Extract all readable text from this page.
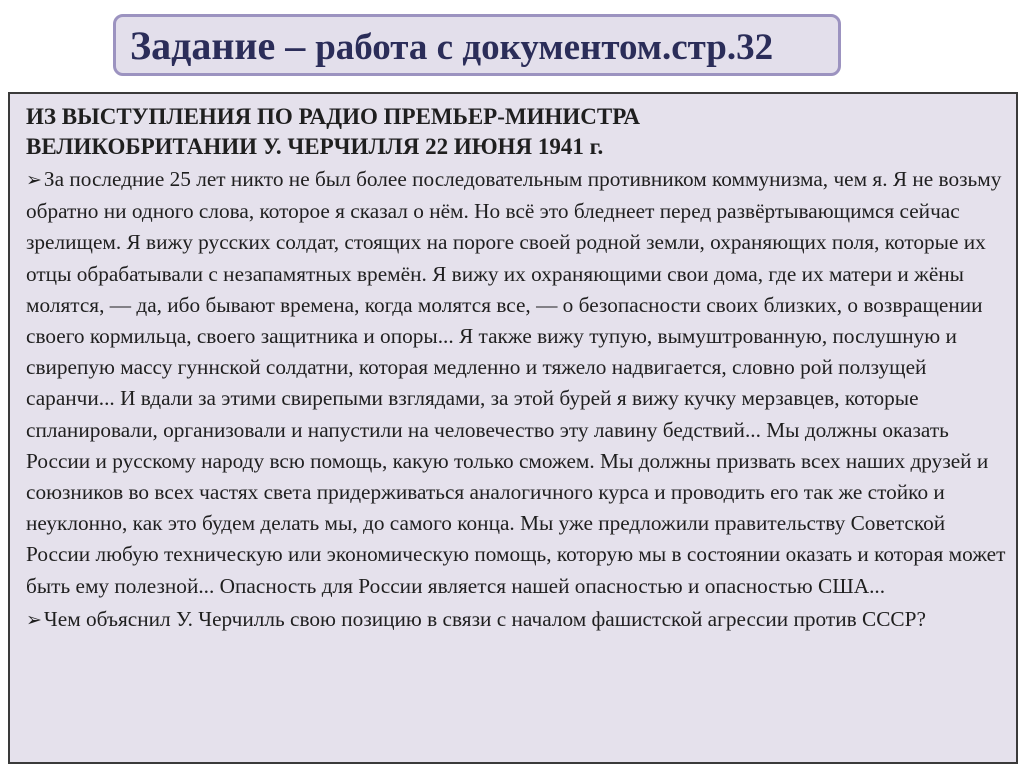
Задание – работа с документом.стр.32
ИЗ ВЫСТУПЛЕНИЯ ПО РАДИО ПРЕМЬЕР-МИНИСТРА
ВЕЛИКОБРИТАНИИ У. ЧЕРЧИЛЛЯ 22 ИЮНЯ 1941 г.

➢За последние 25 лет никто не был более последовательным противником коммунизма, чем я. Я не возьму обратно ни одного слова, которое я сказал о нём. Но всё это бледнеет перед развёртывающимся сейчас зрелищем. Я вижу русских солдат, стоящих на пороге своей родной земли, охраняющих поля, которые их отцы обрабатывали с незапамятных времён. Я вижу их охраняющими свои дома, где их матери и жёны молятся, — да, ибо бывают времена, когда молятся все, — о безопасности своих близких, о возвращении своего кормильца, своего защитника и опоры... Я также вижу тупую, вымуштрованную, послушную и свирепую массу гуннской солдатни, которая медленно и тяжело надвигается, словно рой ползущей саранчи... И вдали за этими свирепыми взглядами, за этой бурей я вижу кучку мерзавцев, которые спланировали, организовали и напустили на человечество эту лавину бедствий... Мы должны оказать России и русскому народу всю помощь, какую только сможем. Мы должны призвать всех наших друзей и союзников во всех частях света придерживаться аналогичного курса и проводить его так же стойко и неуклонно, как это будем делать мы, до самого конца. Мы уже предложили правительству Советской России любую техническую или экономическую помощь, которую мы в состоянии оказать и которая может быть ему полезной... Опасность для России является нашей опасностью и опасностью США...

➢Чем объяснил У. Черчилль свою позицию в связи с началом фашистской агрессии против СССР?
